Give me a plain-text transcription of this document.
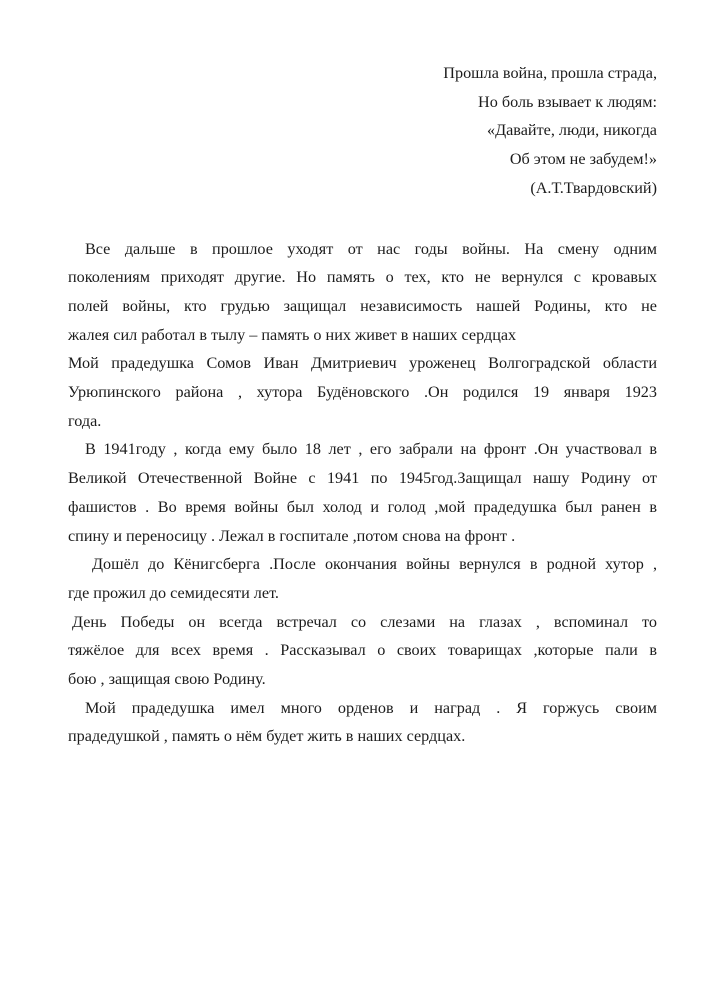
Прошла война, прошла страда,
Но боль взывает к людям:
«Давайте, люди, никогда
Об этом не забудем!»
(А.Т.Твардовский)
Все дальше в прошлое уходят от нас годы войны. На смену одним
поколениям приходят другие. Но память о тех, кто не вернулся с кровавых
полей войны, кто грудью защищал независимость нашей Родины, кто не
жалея сил работал в тылу – память о них живет в наших сердцах
Мой прадедушка Сомов Иван Дмитриевич уроженец Волгоградской области
Урюпинского района , хутора Будёновского .Он родился 19 января 1923
года.
В 1941году , когда ему было 18 лет , его забрали на фронт .Он участвовал в
Великой Отечественной Войне с 1941 по 1945год.Защищал нашу Родину от
фашистов . Во время войны был холод и голод ,мой прадедушка был ранен в
спину и переносицу . Лежал в госпитале ,потом снова на фронт .
Дошёл до Кёнигсберга .После окончания войны вернулся в родной хутор ,
где прожил до семидесяти лет.
День Победы он всегда встречал со слезами на глазах , вспоминал то
тяжёлое для всех время . Рассказывал о своих товарищах ,которые пали в
бою , защищая свою Родину.
Мой прадедушка имел много орденов и наград . Я горжусь своим
прадедушкой , память о нём будет жить в наших сердцах.
